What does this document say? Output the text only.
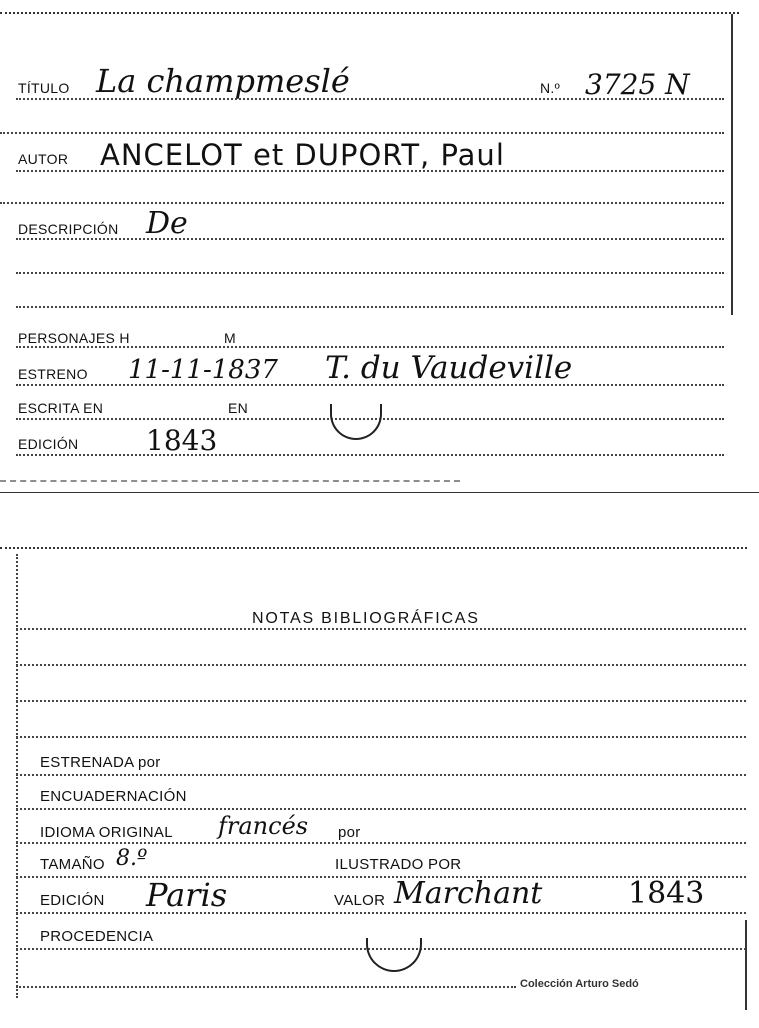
TÍTULO La champmeslé	N.º 3725 N
AUTOR ANCELOT et DUPORT, Paul
DESCRIPCIÓN De
PERSONAJES H	M
ESTRENO 11-11-1837 T. du Vaudeville
ESCRITA EN	EN
EDICIÓN 1843
NOTAS BIBLIOGRÁFICAS
ESTRENADA por
ENCUADERNACIÓN
IDIOMA ORIGINAL francés por
TAMAÑO 8.º	ILUSTRADO POR
EDICIÓN Paris	VALOR Marchant	1843
PROCEDENCIA
Colección Arturo Sedó
